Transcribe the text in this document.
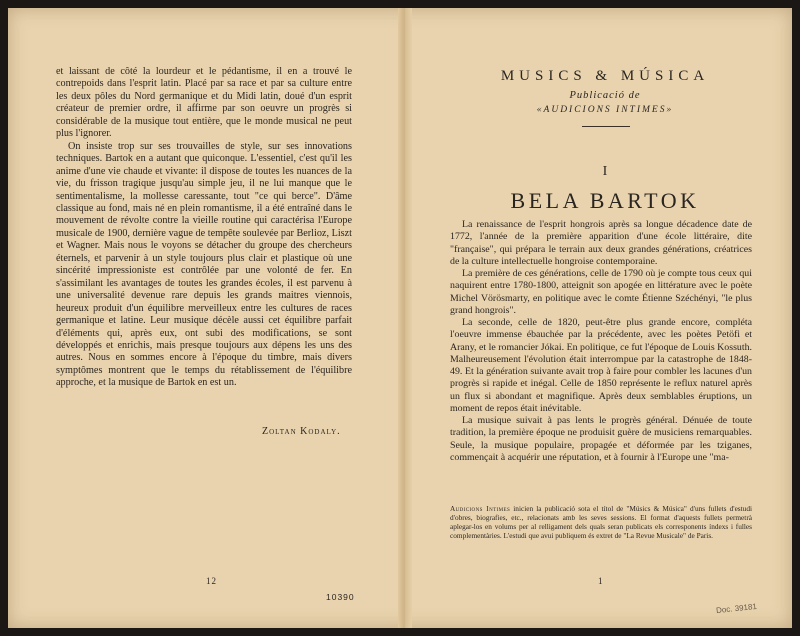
et laissant de côté la lourdeur et le pédantisme, il en a trouvé le contrepoids dans l'esprit latin. Placé par sa race et par sa culture entre les deux pôles du Nord germanique et du Midi latin, doué d'un esprit créateur de premier ordre, il affirme par son oeuvre un progrès si considérable de la musique tout entière, que le monde musical ne peut plus l'ignorer.

On insiste trop sur ses trouvailles de style, sur ses innovations techniques. Bartok en a autant que quiconque. L'essentiel, c'est qu'il les anime d'une vie chaude et vivante: il dispose de toutes les nuances de la vie, du frisson tragique jusqu'au simple jeu, il ne lui manque que le sentimentalisme, la mollesse caressante, tout "ce qui berce". D'âme classique au fond, mais né en plein romantisme, il a été entraîné dans le mouvement de révolte contre la vieille routine qui caractérisa l'Europe musicale de 1900, dernière vague de tempête soulevée par Berlioz, Liszt et Wagner. Mais nous le voyons se détacher du groupe des chercheurs éternels, et parvenir à un style toujours plus clair et plastique où une sincérité impressioniste est contrôlée par une volonté de fer. En s'assimilant les avantages de toutes les grandes écoles, il est parvenu à une universalité devenue rare depuis les grands maitres viennois, heureux produit d'un équilibre merveilleux entre les cultures de races germanique et latine. Leur musique décèle aussi cet équilibre parfait d'éléments qui, après eux, ont subi des modifications, se sont développés et enrichis, mais presque toujours aux dépens les uns des autres. Nous en sommes encore à l'époque du timbre, mais divers symptômes montrent que le temps du rétablissement de l'équilibre approche, et la musique de Bartok en est un.

Zoltan Kodaly.
12
10390
MUSICS & MÚSICA
Publicació de
«AUDICIONS INTIMES»
I
BELA BARTOK

La renaissance de l'esprit hongrois après sa longue décadence date de 1772, l'année de la première apparition d'une école littéraire, dite "française", qui prépara le terrain aux deux grandes générations, créatrices de la culture intellectuelle hongroise contemporaine.

La première de ces générations, celle de 1790 où je compte tous ceux qui naquirent entre 1780-1800, atteignit son apogée en littérature avec le poète Michel Vörösmarty, en politique avec le comte Étienne Széchényi, "le plus grand hongrois".

La seconde, celle de 1820, peut-être plus grande encore, compléta l'oeuvre immense ébauchée par la précédente, avec les poètes Petöfi et Arany, et le romancier Jókai. En politique, ce fut l'époque de Louis Kossuth. Malheureusement l'évolution était interrompue par la catastrophe de 1848-49. Et la génération suivante avait trop à faire pour combler les lacunes d'un progrès si rapide et inégal. Celle de 1850 représente le reflux naturel après un flux si abondant et magnifique. Après deux semblables éruptions, un moment de repos était inévitable.

La musique suivait à pas lents le progrès général. Dénuée de toute tradition, la première époque ne produisit guère de musiciens remarquables. Seule, la musique populaire, propagée et déformée par les tziganes, commençait à acquérir une réputation, et à fournir à l'Europe une "ma-

Audicions Intimes inicien la publicació sota el títol de "Músics & Música" d'uns fullets d'estudi d'obres, biografies, etc., relacionats amb les seves sessions. El format d'aquests fullets permetrà aplegar-los en volums per al relligament dels quals seran publicats els corresponents índexs i fulles complementàries. L'estudi que avui publiquem és extret de "La Revue Musicale" de Paris.
1
Doc. 39181
